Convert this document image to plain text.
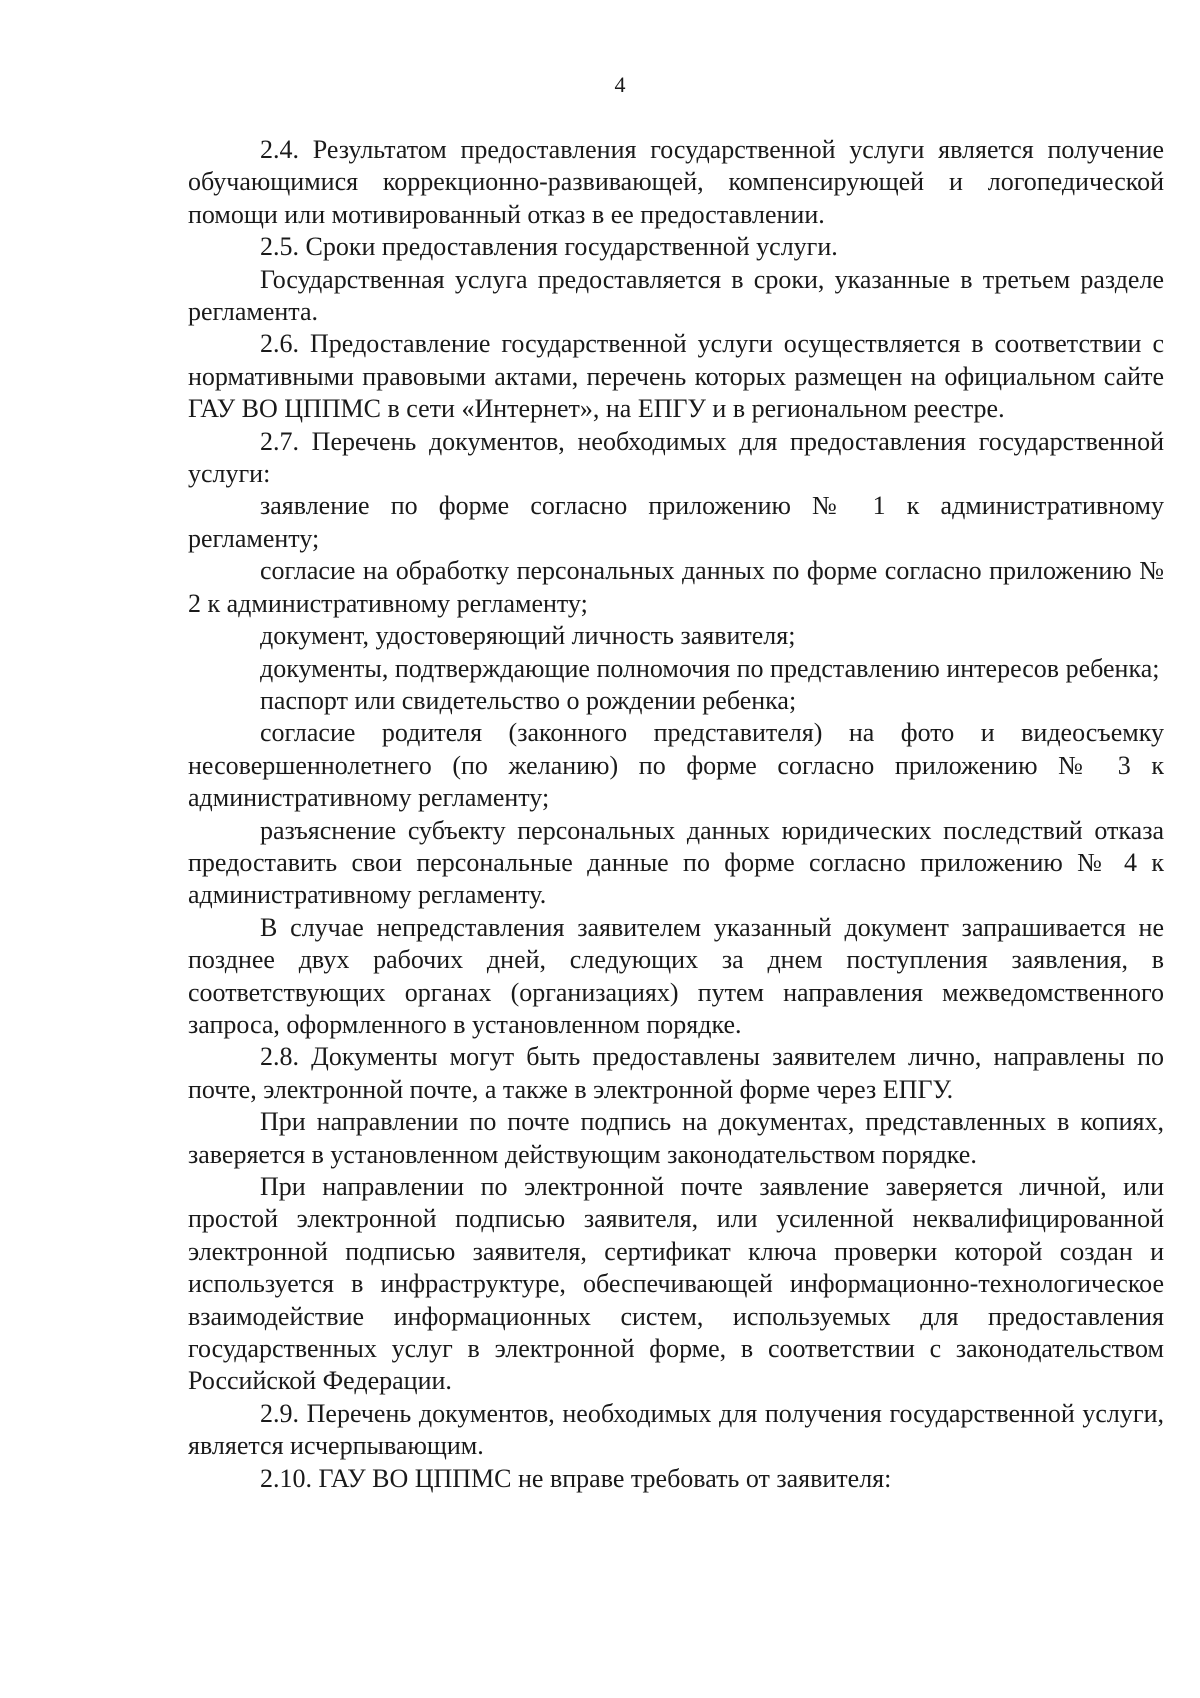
4

2.4. Результатом предоставления государственной услуги является получение обучающимися коррекционно-развивающей, компенсирующей и логопедической помощи или мотивированный отказ в ее предоставлении.

2.5. Сроки предоставления государственной услуги.

Государственная услуга предоставляется в сроки, указанные в третьем разделе регламента.

2.6. Предоставление государственной услуги осуществляется в соответствии с нормативными правовыми актами, перечень которых размещен на официальном сайте ГАУ ВО ЦППМС в сети «Интернет», на ЕПГУ и в региональном реестре.

2.7. Перечень документов, необходимых для предоставления государственной услуги:

заявление по форме согласно приложению № 1 к административному регламенту;

согласие на обработку персональных данных по форме согласно приложению № 2 к административному регламенту;

документ, удостоверяющий личность заявителя;

документы, подтверждающие полномочия по представлению интересов ребенка;

паспорт или свидетельство о рождении ребенка;

согласие родителя (законного представителя) на фото и видеосъемку несовершеннолетнего (по желанию) по форме согласно приложению № 3 к административному регламенту;

разъяснение субъекту персональных данных юридических последствий отказа предоставить свои персональные данные по форме согласно приложению № 4 к административному регламенту.

В случае непредставления заявителем указанный документ запрашивается не позднее двух рабочих дней, следующих за днем поступления заявления, в соответствующих органах (организациях) путем направления межведомственного запроса, оформленного в установленном порядке.

2.8. Документы могут быть предоставлены заявителем лично, направлены по почте, электронной почте, а также в электронной форме через ЕПГУ.

При направлении по почте подпись на документах, представленных в копиях, заверяется в установленном действующим законодательством порядке.

При направлении по электронной почте заявление заверяется личной, или простой электронной подписью заявителя, или усиленной неквалифицированной электронной подписью заявителя, сертификат ключа проверки которой создан и используется в инфраструктуре, обеспечивающей информационно-технологическое взаимодействие информационных систем, используемых для предоставления государственных услуг в электронной форме, в соответствии с законодательством Российской Федерации.

2.9. Перечень документов, необходимых для получения государственной услуги, является исчерпывающим.

2.10. ГАУ ВО ЦППМС не вправе требовать от заявителя:
